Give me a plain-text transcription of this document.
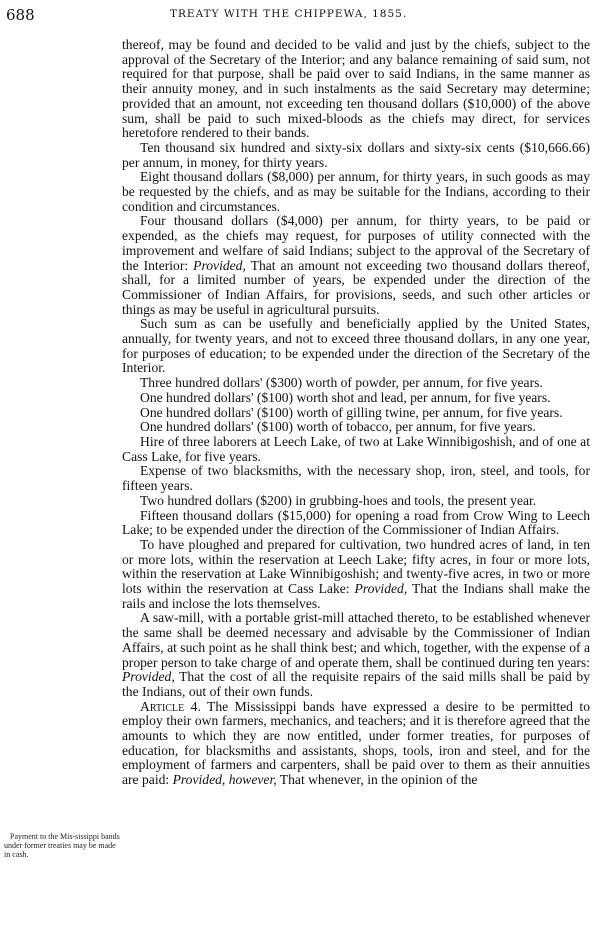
688	TREATY WITH THE CHIPPEWA, 1855.
Payment to the Mis-sissippi bands under former treaties may be made in cash.

thereof, may be found and decided to be valid and just by the chiefs, subject to the approval of the Secretary of the Interior; and any balance remaining of said sum, not required for that purpose, shall be paid over to said Indians, in the same manner as their annuity money, and in such instalments as the said Secretary may determine; provided that an amount, not exceeding ten thousand dollars ($10,000) of the above sum, shall be paid to such mixed-bloods as the chiefs may direct, for services heretofore rendered to their bands.

Ten thousand six hundred and sixty-six dollars and sixty-six cents ($10,666.66) per annum, in money, for thirty years.

Eight thousand dollars ($8,000) per annum, for thirty years, in such goods as may be requested by the chiefs, and as may be suitable for the Indians, according to their condition and circumstances.

Four thousand dollars ($4,000) per annum, for thirty years, to be paid or expended, as the chiefs may request, for purposes of utility connected with the improvement and welfare of said Indians; subject to the approval of the Secretary of the Interior: Provided, That an amount not exceeding two thousand dollars thereof, shall, for a limited number of years, be expended under the direction of the Commissioner of Indian Affairs, for provisions, seeds, and such other articles or things as may be useful in agricultural pursuits.

Such sum as can be usefully and beneficially applied by the United States, annually, for twenty years, and not to exceed three thousand dollars, in any one year, for purposes of education; to be expended under the direction of the Secretary of the Interior.

Three hundred dollars' ($300) worth of powder, per annum, for five years.

One hundred dollars' ($100) worth shot and lead, per annum, for five years.

One hundred dollars' ($100) worth of gilling twine, per annum, for five years.

One hundred dollars' ($100) worth of tobacco, per annum, for five years.

Hire of three laborers at Leech Lake, of two at Lake Winnibigoshish, and of one at Cass Lake, for five years.

Expense of two blacksmiths, with the necessary shop, iron, steel, and tools, for fifteen years.

Two hundred dollars ($200) in grubbing-hoes and tools, the present year.

Fifteen thousand dollars ($15,000) for opening a road from Crow Wing to Leech Lake; to be expended under the direction of the Commissioner of Indian Affairs.

To have ploughed and prepared for cultivation, two hundred acres of land, in ten or more lots, within the reservation at Leech Lake; fifty acres, in four or more lots, within the reservation at Lake Winnibigoshish; and twenty-five acres, in two or more lots within the reservation at Cass Lake: Provided, That the Indians shall make the rails and inclose the lots themselves.

A saw-mill, with a portable grist-mill attached thereto, to be established whenever the same shall be deemed necessary and advisable by the Commissioner of Indian Affairs, at such point as he shall think best; and which, together, with the expense of a proper person to take charge of and operate them, shall be continued during ten years: Provided, That the cost of all the requisite repairs of the said mills shall be paid by the Indians, out of their own funds.

Article 4. The Mississippi bands have expressed a desire to be permitted to employ their own farmers, mechanics, and teachers; and it is therefore agreed that the amounts to which they are now entitled, under former treaties, for purposes of education, for blacksmiths and assistants, shops, tools, iron and steel, and for the employment of farmers and carpenters, shall be paid over to them as their annuities are paid: Provided, however, That whenever, in the opinion of the
